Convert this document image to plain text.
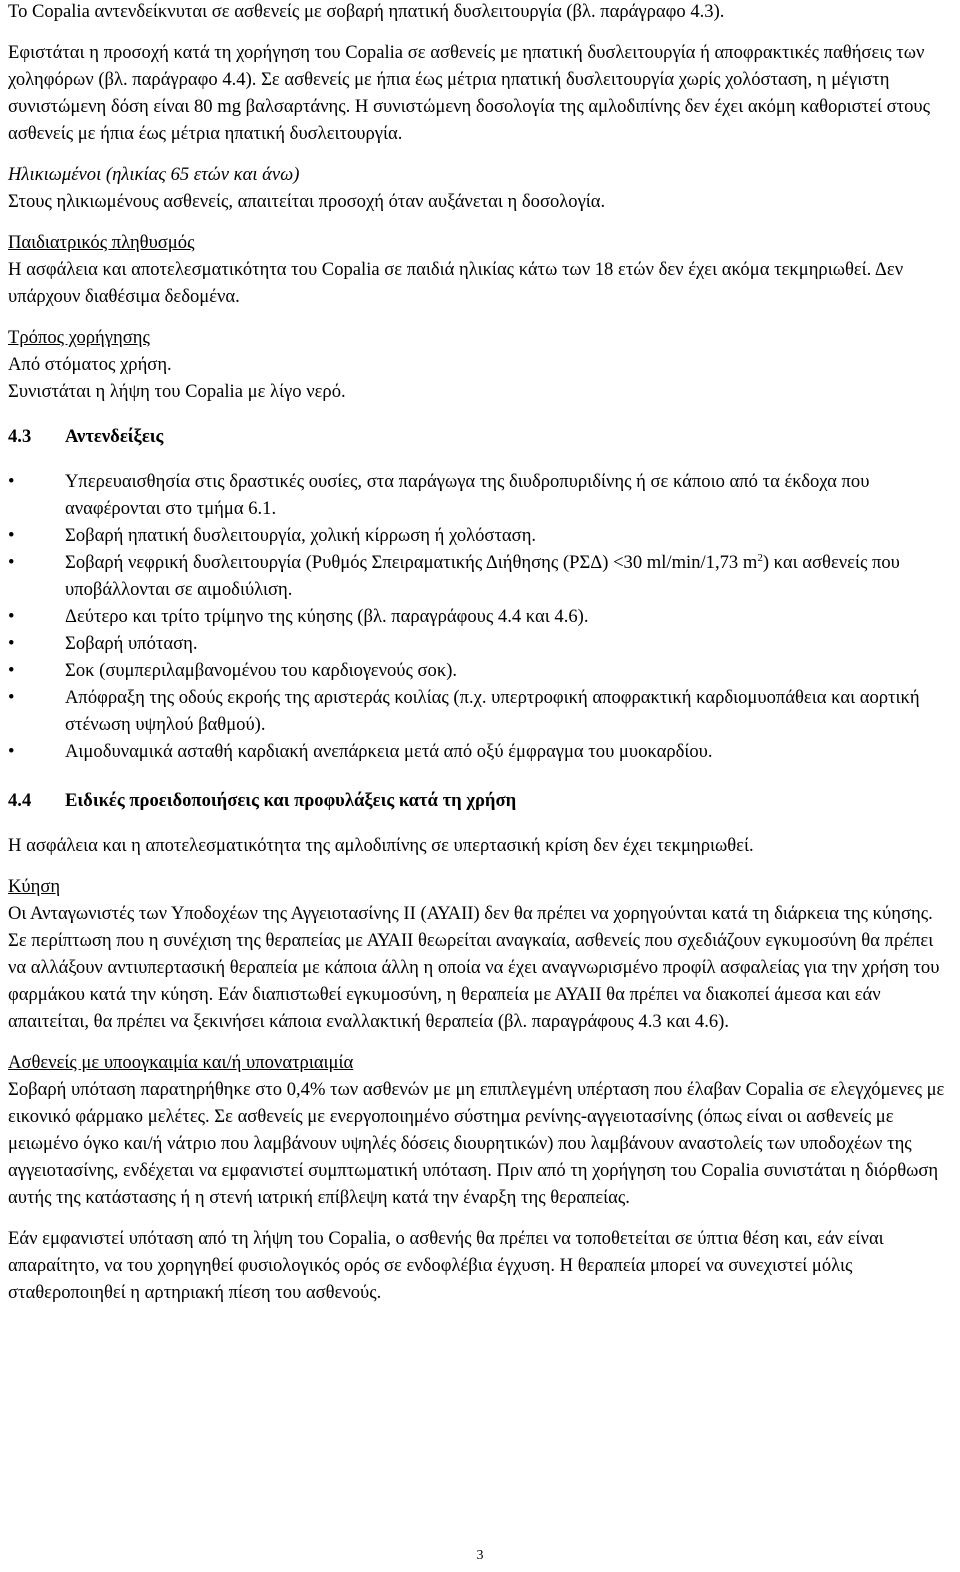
Το Copalia αντενδείκνυται σε ασθενείς με σοβαρή ηπατική δυσλειτουργία (βλ. παράγραφο 4.3).

Εφιστάται η προσοχή κατά τη χορήγηση του Copalia σε ασθενείς με ηπατική δυσλειτουργία ή αποφρακτικές παθήσεις των χοληφόρων (βλ. παράγραφο 4.4). Σε ασθενείς με ήπια έως μέτρια ηπατική δυσλειτουργία χωρίς χολόσταση, η μέγιστη συνιστώμενη δόση είναι 80 mg βαλσαρτάνης. Η συνιστώμενη δοσολογία της αμλοδιπίνης δεν έχει ακόμη καθοριστεί στους ασθενείς με ήπια έως μέτρια ηπατική δυσλειτουργία.

Ηλικιωμένοι (ηλικίας 65 ετών και άνω)

Στους ηλικιωμένους ασθενείς, απαιτείται προσοχή όταν αυξάνεται η δοσολογία.

Παιδιατρικός πληθυσμός

Η ασφάλεια και αποτελεσματικότητα του Copalia σε παιδιά ηλικίας κάτω των 18 ετών δεν έχει ακόμα τεκμηριωθεί. Δεν υπάρχουν διαθέσιμα δεδομένα.

Τρόπος χορήγησης

Από στόματος χρήση.

Συνιστάται η λήψη του Copalia με λίγο νερό.

4.3	Αντενδείξεις
•	Υπερευαισθησία στις δραστικές ουσίες, στα παράγωγα της διυδροπυριδίνης ή σε κάποιο από τα έκδοχα που αναφέρονται στο τμήμα 6.1.
•	Σοβαρή ηπατική δυσλειτουργία, χολική κίρρωση ή χολόσταση.
•	Σοβαρή νεφρική δυσλειτουργία (Ρυθμός Σπειραματικής Διήθησης (ΡΣΔ) <30 ml/min/1,73 $m^2$) και ασθενείς που υποβάλλονται σε αιμοδιύλιση.
•	Δεύτερο και τρίτο τρίμηνο της κύησης (βλ. παραγράφους 4.4 και 4.6).
•	Σοβαρή υπόταση.
•	Σοκ (συμπεριλαμβανομένου του καρδιογενούς σοκ).
•	Απόφραξη της οδούς εκροής της αριστεράς κοιλίας (π.χ. υπερτροφική αποφρακτική καρδιομυοπάθεια και αορτική στένωση υψηλού βαθμού).
•	Αιμοδυναμικά ασταθή καρδιακή ανεπάρκεια μετά από οξύ έμφραγμα του μυοκαρδίου.
4.4	Ειδικές προειδοποιήσεις και προφυλάξεις κατά τη χρήση

Η ασφάλεια και η αποτελεσματικότητα της αμλοδιπίνης σε υπερτασική κρίση δεν έχει τεκμηριωθεί.

Κύηση

Οι Ανταγωνιστές των Υποδοχέων της Αγγειοτασίνης ΙΙ (ΑΥΑΙΙ) δεν θα πρέπει να χορηγούνται κατά τη διάρκεια της κύησης. Σε περίπτωση που η συνέχιση της θεραπείας με ΑΥΑΙΙ θεωρείται αναγκαία, ασθενείς που σχεδιάζουν εγκυμοσύνη θα πρέπει να αλλάξουν αντιυπερτασική θεραπεία με κάποια άλλη η οποία να έχει αναγνωρισμένο προφίλ ασφαλείας για την χρήση του φαρμάκου κατά την κύηση. Εάν διαπιστωθεί εγκυμοσύνη, η θεραπεία με ΑΥΑΙΙ θα πρέπει να διακοπεί άμεσα και εάν απαιτείται, θα πρέπει να ξεκινήσει κάποια εναλλακτική θεραπεία (βλ. παραγράφους 4.3 και 4.6).

Ασθενείς με υποογκαιμία και/ή υπονατριαιμία

Σοβαρή υπόταση παρατηρήθηκε στο 0,4% των ασθενών με μη επιπλεγμένη υπέρταση που έλαβαν Copalia σε ελεγχόμενες με εικονικό φάρμακο μελέτες. Σε ασθενείς με ενεργοποιημένο σύστημα ρενίνης-αγγειοτασίνης (όπως είναι οι ασθενείς με μειωμένο όγκο και/ή νάτριο που λαμβάνουν υψηλές δόσεις διουρητικών) που λαμβάνουν αναστολείς των υποδοχέων της αγγειοτασίνης, ενδέχεται να εμφανιστεί συμπτωματική υπόταση. Πριν από τη χορήγηση του Copalia συνιστάται η διόρθωση αυτής της κατάστασης ή η στενή ιατρική επίβλεψη κατά την έναρξη της θεραπείας.

Εάν εμφανιστεί υπόταση από τη λήψη του Copalia, ο ασθενής θα πρέπει να τοποθετείται σε ύπτια θέση και, εάν είναι απαραίτητο, να του χορηγηθεί φυσιολογικός ορός σε ενδοφλέβια έγχυση. Η θεραπεία μπορεί να συνεχιστεί μόλις σταθεροποιηθεί η αρτηριακή πίεση του ασθενούς.

3
